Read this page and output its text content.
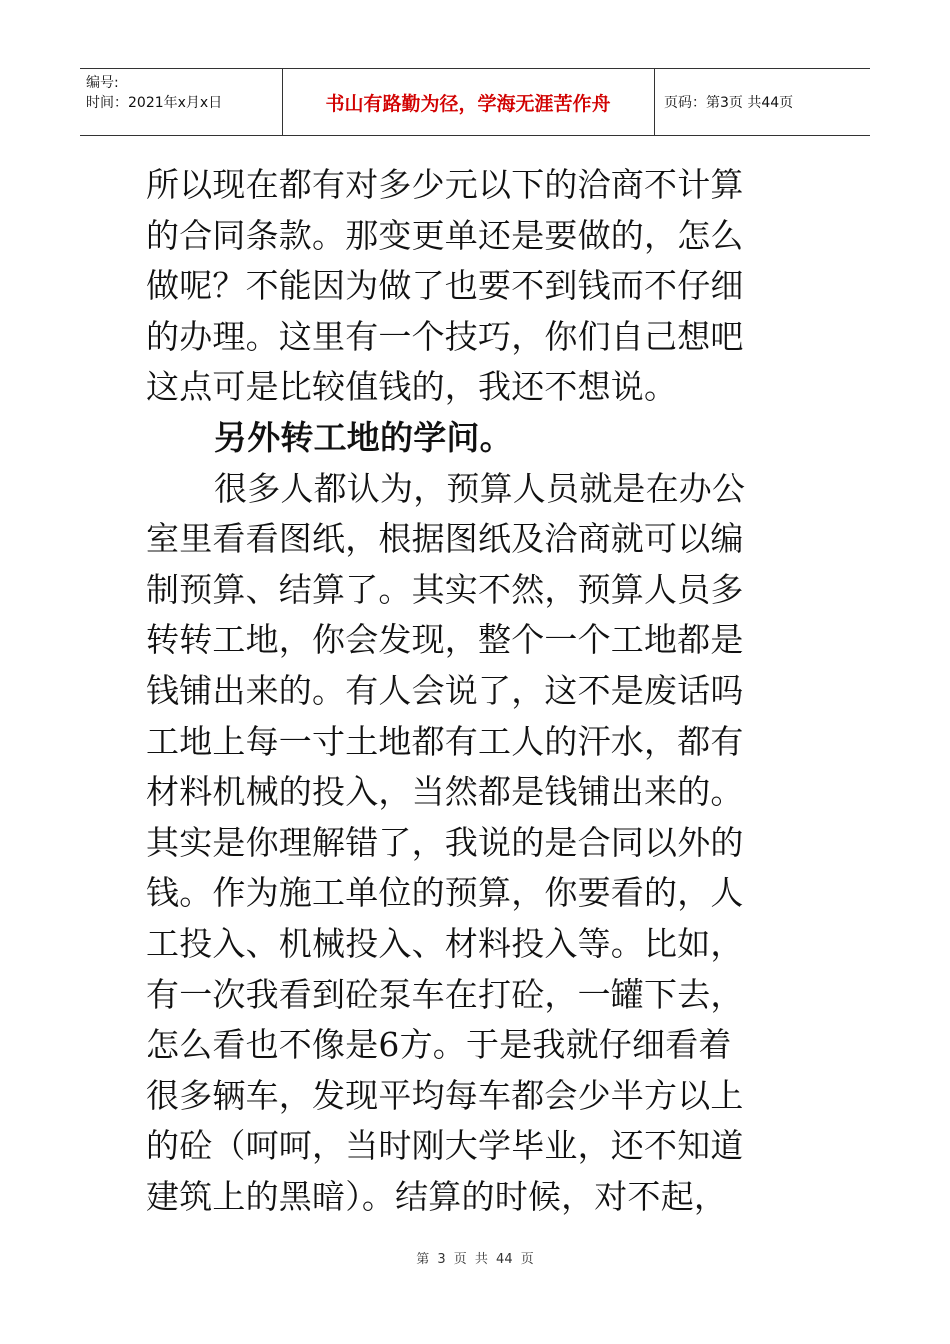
编号:
时间：2021年x月x日	书山有路勤为径，学海无涯苦作舟	页码：第3页 共44页
所以现在都有对多少元以下的洽商不计算
的合同条款。那变更单还是要做的，怎么
做呢？不能因为做了也要不到钱而不仔细
的办理。这里有一个技巧，你们自己想吧
这点可是比较值钱的，我还不想说。
另外转工地的学问。
很多人都认为，预算人员就是在办公
室里看看图纸，根据图纸及洽商就可以编
制预算、结算了。其实不然，预算人员多
转转工地，你会发现，整个一个工地都是
钱铺出来的。有人会说了，这不是废话吗
工地上每一寸土地都有工人的汗水，都有
材料机械的投入，当然都是钱铺出来的。
其实是你理解错了，我说的是合同以外的
钱。作为施工单位的预算，你要看的，人
工投入、机械投入、材料投入等。比如，
有一次我看到砼泵车在打砼，一罐下去，
怎么看也不像是6方。于是我就仔细看着
很多辆车，发现平均每车都会少半方以上
的砼（呵呵，当时刚大学毕业，还不知道
建筑上的黑暗）。结算的时候，对不起，
第 3 页 共 44 页
